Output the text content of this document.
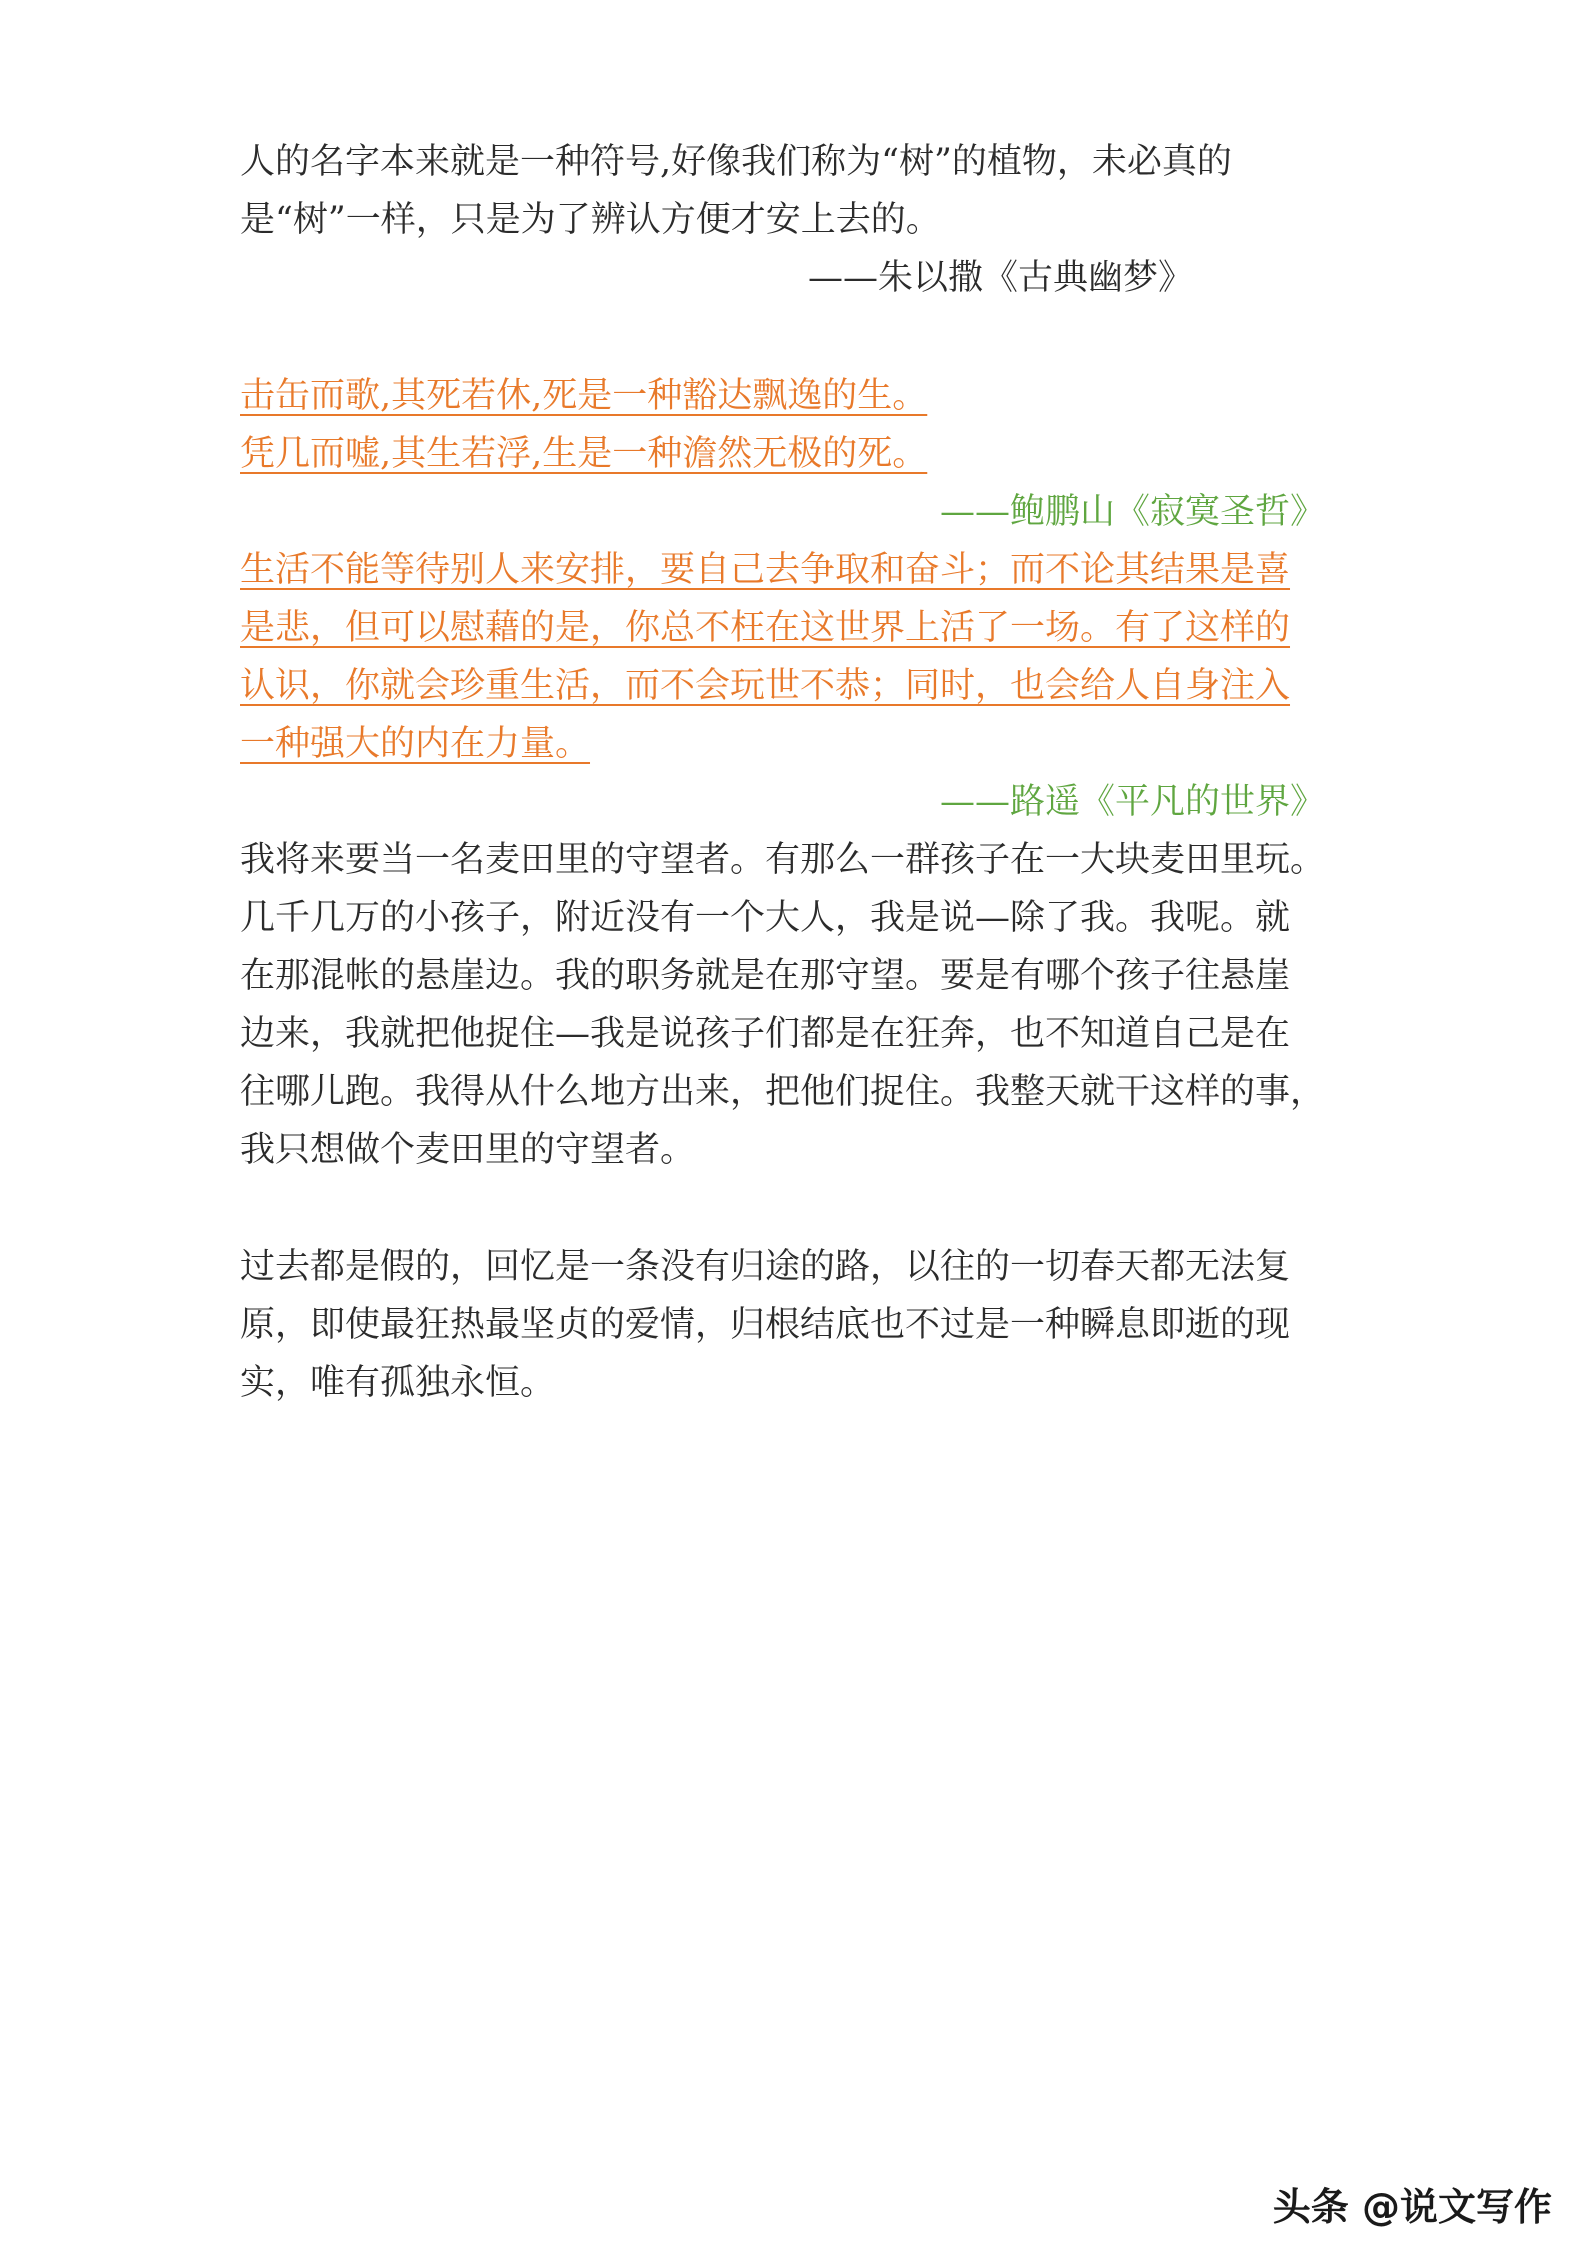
人的名字本来就是一种符号,好像我们称为“树”的植物，未必真的
是“树”一样，只是为了辨认方便才安上去的。
——朱以撒《古典幽梦》
击缶而歌,其死若休,死是一种豁达飘逸的生。
凭几而嘘,其生若浮,生是一种澹然无极的死。
——鲍鹏山《寂寞圣哲》
生活不能等待别人来安排，要自己去争取和奋斗；而不论其结果是喜
是悲，但可以慰藉的是，你总不枉在这世界上活了一场。有了这样的
认识，你就会珍重生活，而不会玩世不恭；同时，也会给人自身注入
一种强大的内在力量。
——路遥《平凡的世界》
我将来要当一名麦田里的守望者。有那么一群孩子在一大块麦田里玩。
几千几万的小孩子，附近没有一个大人，我是说—除了我。我呢。就
在那混帐的悬崖边。我的职务就是在那守望。要是有哪个孩子往悬崖
边来，我就把他捉住—我是说孩子们都是在狂奔，也不知道自己是在
往哪儿跑。我得从什么地方出来，把他们捉住。我整天就干这样的事，
我只想做个麦田里的守望者。
过去都是假的，回忆是一条没有归途的路，以往的一切春天都无法复
原，即使最狂热最坚贞的爱情，归根结底也不过是一种瞬息即逝的现
实，唯有孤独永恒。
头条 @说文写作
